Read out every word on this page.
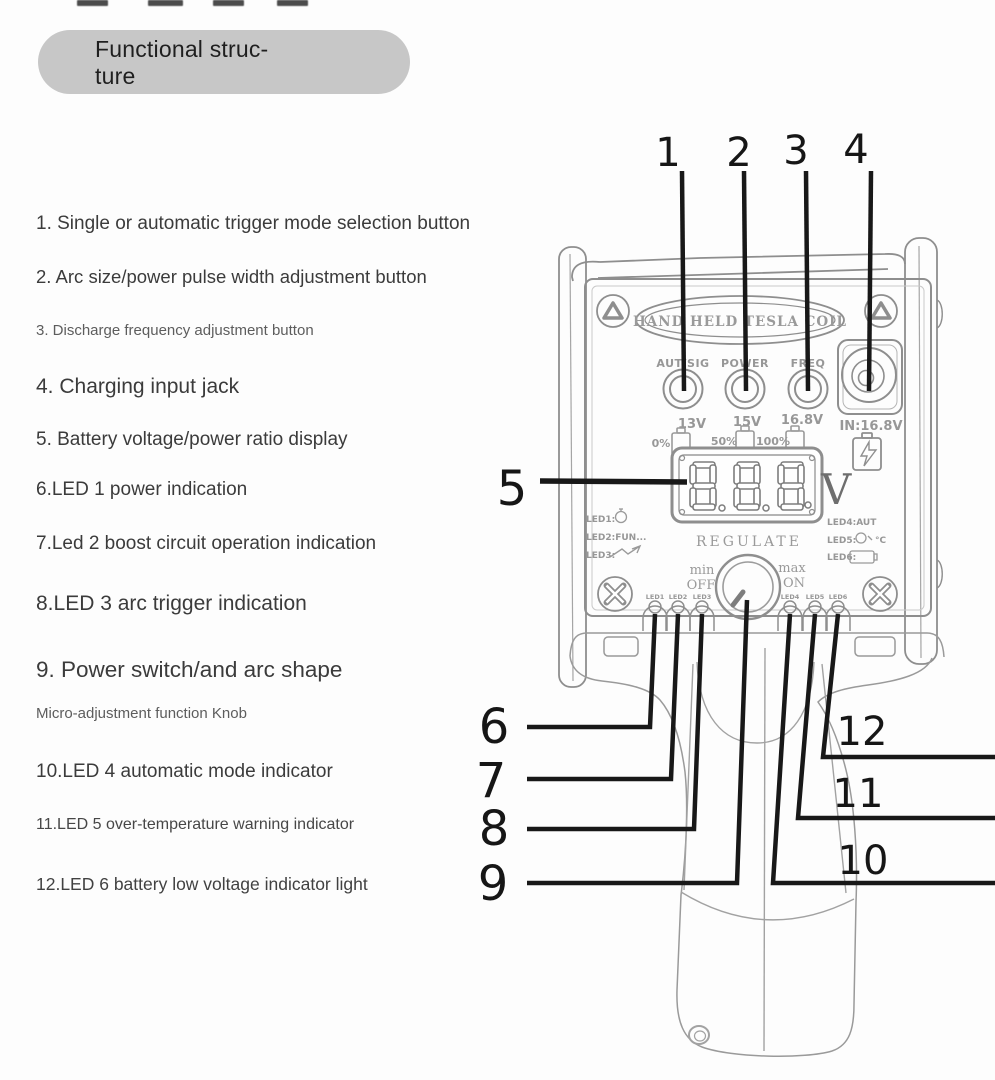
Functional struc-
ture
1. Single or automatic trigger mode selection button
2. Arc size/power pulse width adjustment button
3. Discharge frequency adjustment button
4. Charging input jack
5. Battery voltage/power ratio display
6.LED 1 power indication
7.Led 2 boost circuit operation indication
8.LED 3 arc trigger indication
9. Power switch/and arc shape
Micro-adjustment function Knob
10.LED 4 automatic mode indicator
11.LED 5 over-temperature warning indicator
12.LED 6 battery low voltage indicator light
HAND HELD TESLA COIL
AUT/SIG POWER FREQ
13V 15V 16.8V
0%	50% 100%
V
LED1:
LED2:FUN...
LED3:
LED4:AUT
LED5: °C
LED6:
REGULATE
min
OFF
max
ON
LED1 LED2 LED3	LED4 LED5 LED6
IN:16.8V
1 2 3 4
5
6
7
8
9	10
11
12
